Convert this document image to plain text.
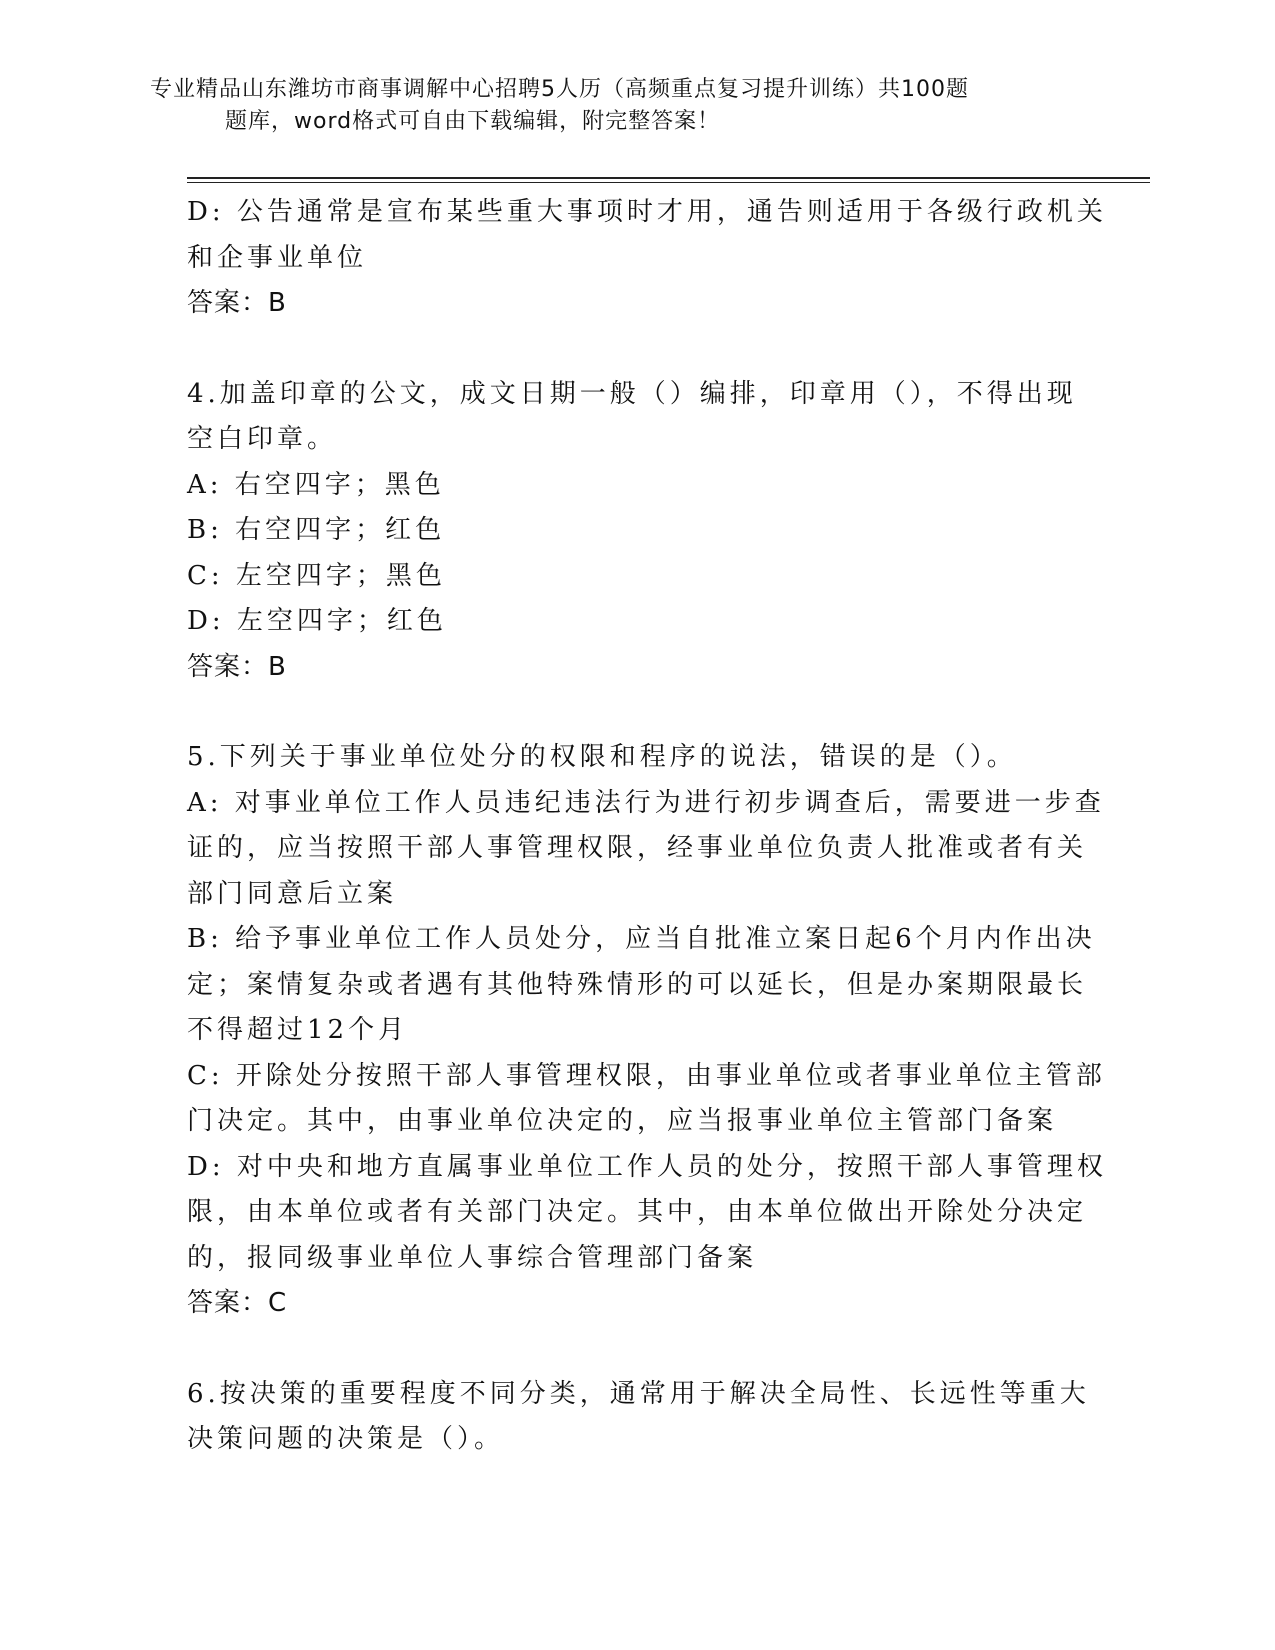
专业精品山东潍坊市商事调解中心招聘5人历（高频重点复习提升训练）共100题
题库，word格式可自由下载编辑，附完整答案！
D: 公告通常是宣布某些重大事项时才用，通告则适用于各级行政机关
和企事业单位
答案：B
4.加盖印章的公文，成文日期一般（）编排，印章用（），不得出现
空白印章。
A: 右空四字；黑色
B: 右空四字；红色
C: 左空四字；黑色
D: 左空四字；红色
答案：B
5.下列关于事业单位处分的权限和程序的说法，错误的是（）。
A: 对事业单位工作人员违纪违法行为进行初步调查后，需要进一步查
证的，应当按照干部人事管理权限，经事业单位负责人批准或者有关
部门同意后立案
B: 给予事业单位工作人员处分，应当自批准立案日起6个月内作出决
定；案情复杂或者遇有其他特殊情形的可以延长，但是办案期限最长
不得超过12个月
C: 开除处分按照干部人事管理权限，由事业单位或者事业单位主管部
门决定。其中，由事业单位决定的，应当报事业单位主管部门备案
D: 对中央和地方直属事业单位工作人员的处分，按照干部人事管理权
限，由本单位或者有关部门决定。其中，由本单位做出开除处分决定
的，报同级事业单位人事综合管理部门备案
答案：C
6.按决策的重要程度不同分类，通常用于解决全局性、长远性等重大
决策问题的决策是（）。
